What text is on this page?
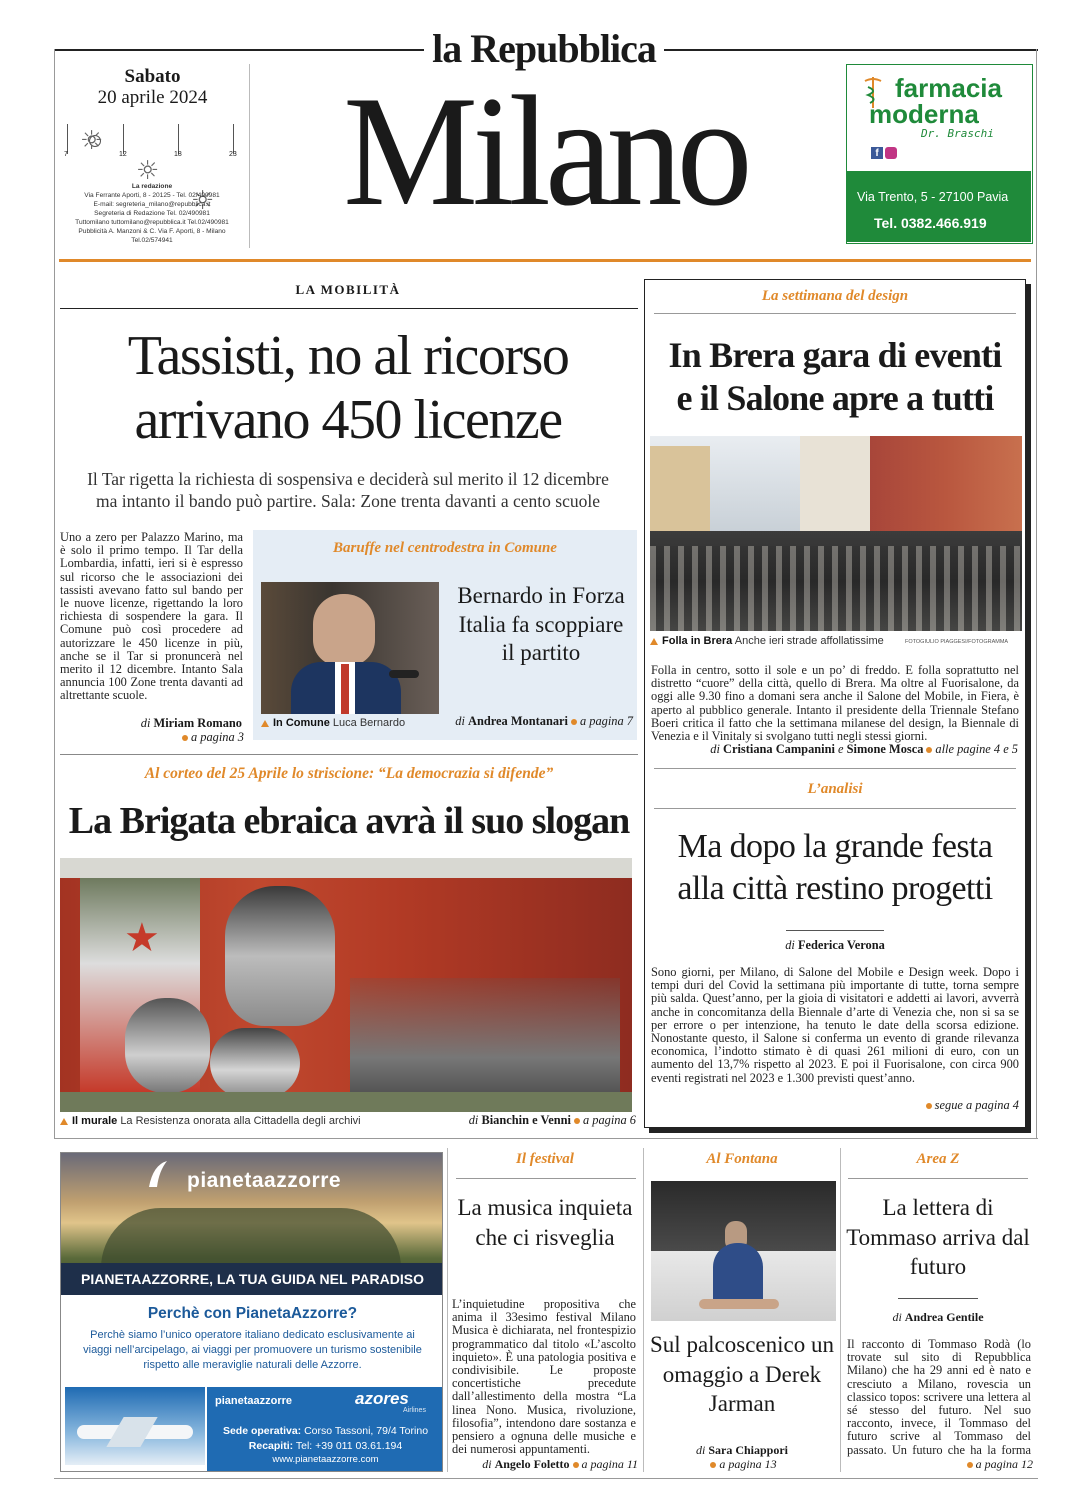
la Repubblica
Sabato
20 aprile 2024
☼
☼
☼
7	12	18	23
La redazione
Via Ferrante Aporti, 8 - 20125 - Tel. 02/490981
E-mail: segreteria_milano@repubblica.it
Segreteria di Redazione Tel. 02/490981
Tuttomilano tuttomilano@repubblica.it Tel.02/490981
Pubblicità A. Manzoni & C. Via F. Aporti, 8 - Milano
Tel.02/574941
Milano	farmacia
moderna
Dr. Braschi
f
Via Trento, 5 - 27100 Pavia
Tel. 0382.466.919
LA MOBILITÀ
Tassisti, no al ricorso
arrivano 450 licenze
Il Tar rigetta la richiesta di sospensiva e deciderà sul merito il 12 dicembre
ma intanto il bando può partire. Sala: Zone trenta davanti a cento scuole
Uno a zero per Palazzo Marino, ma è solo il primo tempo. Il Tar della Lombardia, infatti, ieri si è espresso sul ricorso che le associazioni dei tassisti avevano fatto sul bando per le nuove licenze, rigettando la loro richiesta di sospendere la gara. Il Comune può così procedere ad autorizzare le 450 licenze in più, anche se il Tar si pronuncerà nel merito il 12 dicembre. Intanto Sala annuncia 100 Zone trenta davanti ad altrettante scuole.
di Miriam Romano
a pagina 3
Baruffe nel centrodestra in Comune
Bernardo in Forza Italia fa scoppiare il partito
In Comune Luca Bernardo	di Andrea Montanari a pagina 7
Al corteo del 25 Aprile lo striscione: “La democrazia si difende”
La Brigata ebraica avrà il suo slogan
★
Il murale La Resistenza onorata alla Cittadella degli archivi	di Bianchin e Venni a pagina 6
La settimana del design
In Brera gara di eventi
e il Salone apre a tutti
Folla in Brera Anche ieri strade affollatissime	FOTOGIULIO PIAGGESI/FOTOGRAMMA
Folla in centro, sotto il sole e un po’ di freddo. E folla soprattutto nel distretto “cuore” della città, quello di Brera. Ma oltre al Fuorisalone, da oggi alle 9.30 fino a domani sera anche il Salone del Mobile, in Fiera, è aperto al pubblico generale. Intanto il presidente della Triennale Stefano Boeri critica il fatto che la settimana milanese del design, la Biennale di Venezia e il Vinitaly si svolgano tutti negli stessi giorni.
di Cristiana Campanini e Simone Mosca alle pagine 4 e 5
L’analisi
Ma dopo la grande festa
alla città restino progetti
di Federica Verona
Sono giorni, per Milano, di Salone del Mobile e Design week. Dopo i tempi duri del Covid la settimana più importante di tutte, torna sempre più salda. Quest’anno, per la gioia di visitatori e addetti ai lavori, avverrà anche in concomitanza della Biennale d’arte di Venezia che, non si sa se per errore o per intenzione, ha tenuto le date della scorsa edizione. Nonostante questo, il Salone si conferma un evento di grande rilevanza economica, l’indotto stimato è di quasi 261 milioni di euro, con un aumento del 13,7% rispetto al 2023. E poi il Fuorisalone, con circa 900 eventi registrati nel 2023 e 1.300 previsti quest’anno.
segue a pagina 4
pianetaazzorre
PIANETAAZZORRE, LA TUA GUIDA NEL PARADISO
Perchè con PianetaAzzorre?
Perchè siamo l’unico operatore italiano dedicato esclusivamente ai viaggi nell’arcipelago, ai viaggi per promuovere un turismo sostenibile rispetto alle meraviglie naturali delle Azzorre.
pianetaazzorre	azores
Airlines
Sede operativa: Corso Tassoni, 79/4 Torino
Recapiti: Tel: +39 011 03.61.194
www.pianetaazzorre.com
Il festival
La musica inquieta che ci risveglia
L’inquietudine propositiva che anima il 33esimo festival Milano Musica è dichiarata, nel frontespizio programmatico dal titolo «L’ascolto inquieto». È una patologia positiva e condivisibile. Le proposte concertistiche precedute dall’allestimento della mostra “La linea Nono. Musica, rivoluzione, filosofia”, intendono dare sostanza e pensiero a ognuna delle musiche e dei numerosi appuntamenti.
di Angelo Foletto a pagina 11
Al Fontana
Sul palcoscenico un omaggio a Derek Jarman
di Sara Chiappori
a pagina 13
Area Z
La lettera di Tommaso arriva dal futuro
di Andrea Gentile
Il racconto di Tommaso Rodà (lo trovate sul sito di Repubblica Milano) che ha 29 anni ed è nato e cresciuto a Milano, rovescia un classico topos: scrivere una lettera al sé stesso del futuro. Nel suo racconto, invece, il Tommaso del futuro scrive al Tommaso del passato. Un futuro che ha la forma
a pagina 12
